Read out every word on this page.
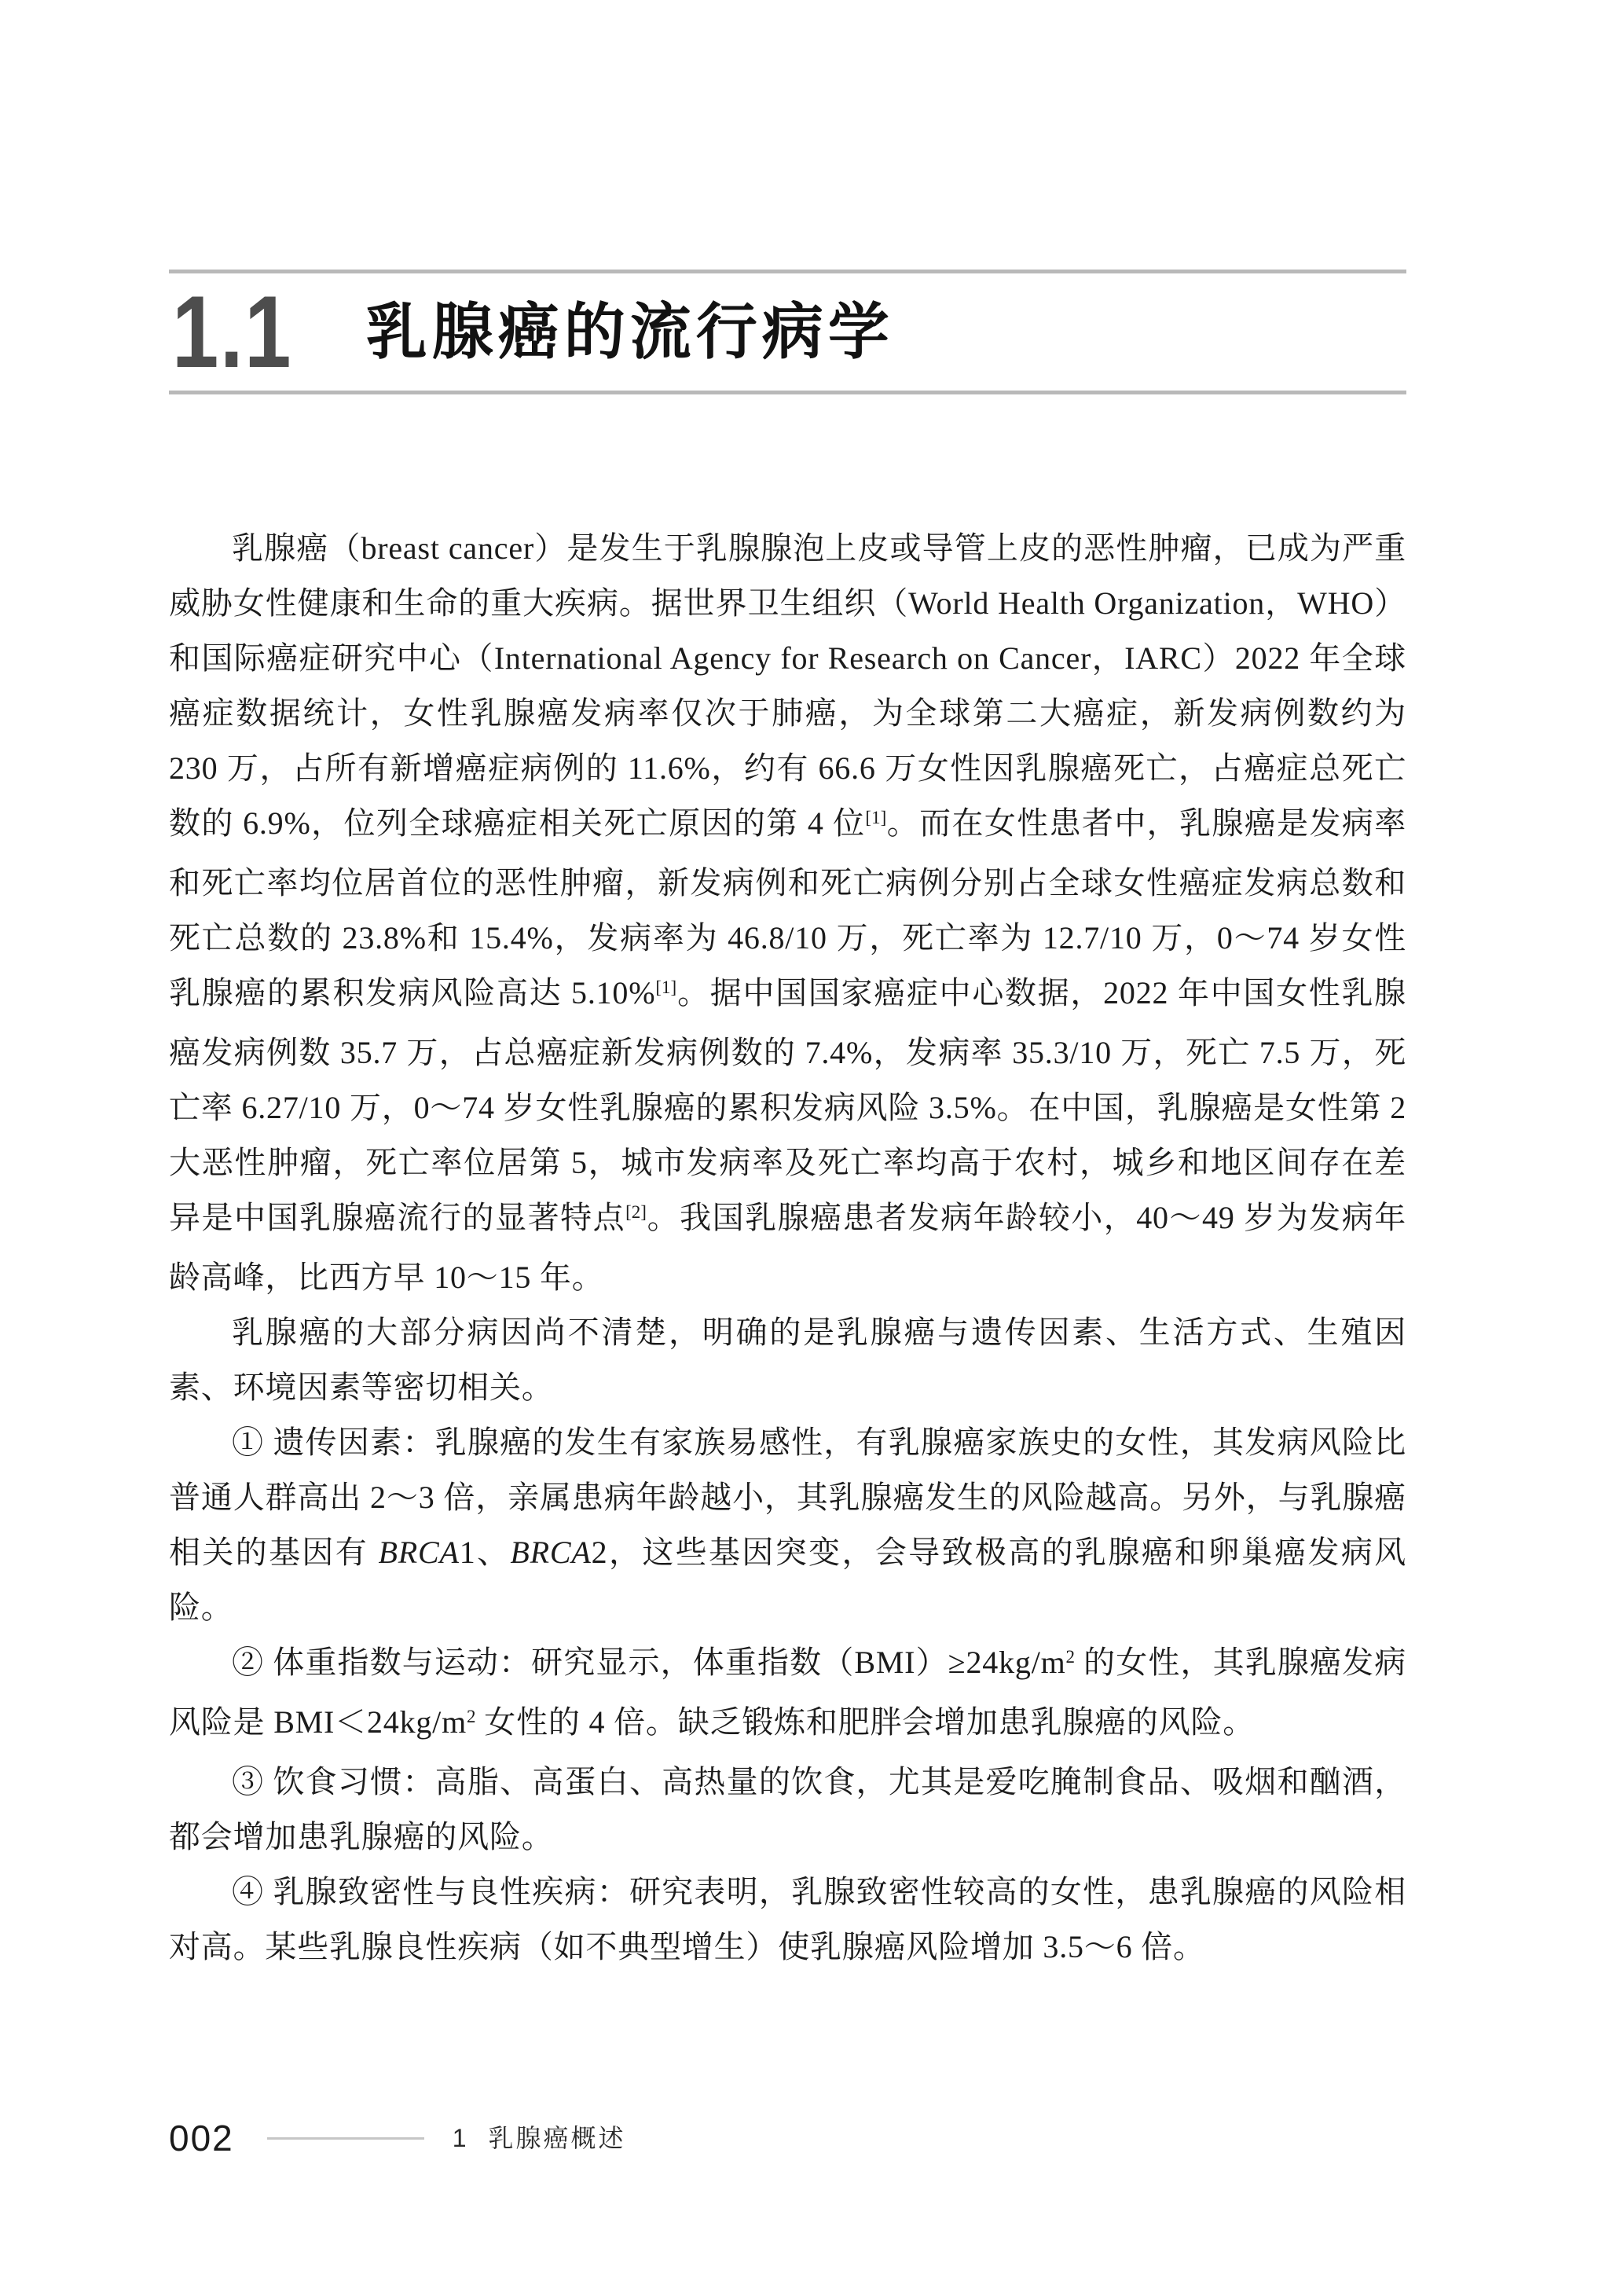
1.1 乳腺癌的流行病学

乳腺癌（breast cancer）是发生于乳腺腺泡上皮或导管上皮的恶性肿瘤，已成为严重威胁女性健康和生命的重大疾病。据世界卫生组织（World Health Organization，WHO）和国际癌症研究中心（International Agency for Research on Cancer，IARC）2022 年全球癌症数据统计，女性乳腺癌发病率仅次于肺癌，为全球第二大癌症，新发病例数约为 230 万，占所有新增癌症病例的 11.6%，约有 66.6 万女性因乳腺癌死亡，占癌症总死亡数的 6.9%，位列全球癌症相关死亡原因的第 4 位[1]。而在女性患者中，乳腺癌是发病率和死亡率均位居首位的恶性肿瘤，新发病例和死亡病例分别占全球女性癌症发病总数和死亡总数的 23.8%和 15.4%，发病率为 46.8/10 万，死亡率为 12.7/10 万，0～74 岁女性乳腺癌的累积发病风险高达 5.10%[1]。据中国国家癌症中心数据，2022 年中国女性乳腺癌发病例数 35.7 万，占总癌症新发病例数的 7.4%，发病率 35.3/10 万，死亡 7.5 万，死亡率 6.27/10 万，0～74 岁女性乳腺癌的累积发病风险 3.5%。在中国，乳腺癌是女性第 2 大恶性肿瘤，死亡率位居第 5，城市发病率及死亡率均高于农村，城乡和地区间存在差异是中国乳腺癌流行的显著特点[2]。我国乳腺癌患者发病年龄较小，40～49 岁为发病年龄高峰，比西方早 10～15 年。

乳腺癌的大部分病因尚不清楚，明确的是乳腺癌与遗传因素、生活方式、生殖因素、环境因素等密切相关。

① 遗传因素：乳腺癌的发生有家族易感性，有乳腺癌家族史的女性，其发病风险比普通人群高出 2～3 倍，亲属患病年龄越小，其乳腺癌发生的风险越高。另外，与乳腺癌相关的基因有 BRCA1、BRCA2，这些基因突变，会导致极高的乳腺癌和卵巢癌发病风险。

② 体重指数与运动：研究显示，体重指数$(BMI)\ge 24kg/m^2$ 的女性，其乳腺癌发病风险是 $BMI<24kg/m^2$ 女性的 4 倍。缺乏锻炼和肥胖会增加患乳腺癌的风险。

③ 饮食习惯：高脂、高蛋白、高热量的饮食，尤其是爱吃腌制食品、吸烟和酗酒，都会增加患乳腺癌的风险。

④ 乳腺致密性与良性疾病：研究表明，乳腺致密性较高的女性，患乳腺癌的风险相对高。某些乳腺良性疾病（如不典型增生）使乳腺癌风险增加 3.5～6 倍。

002	1 乳腺癌概述
